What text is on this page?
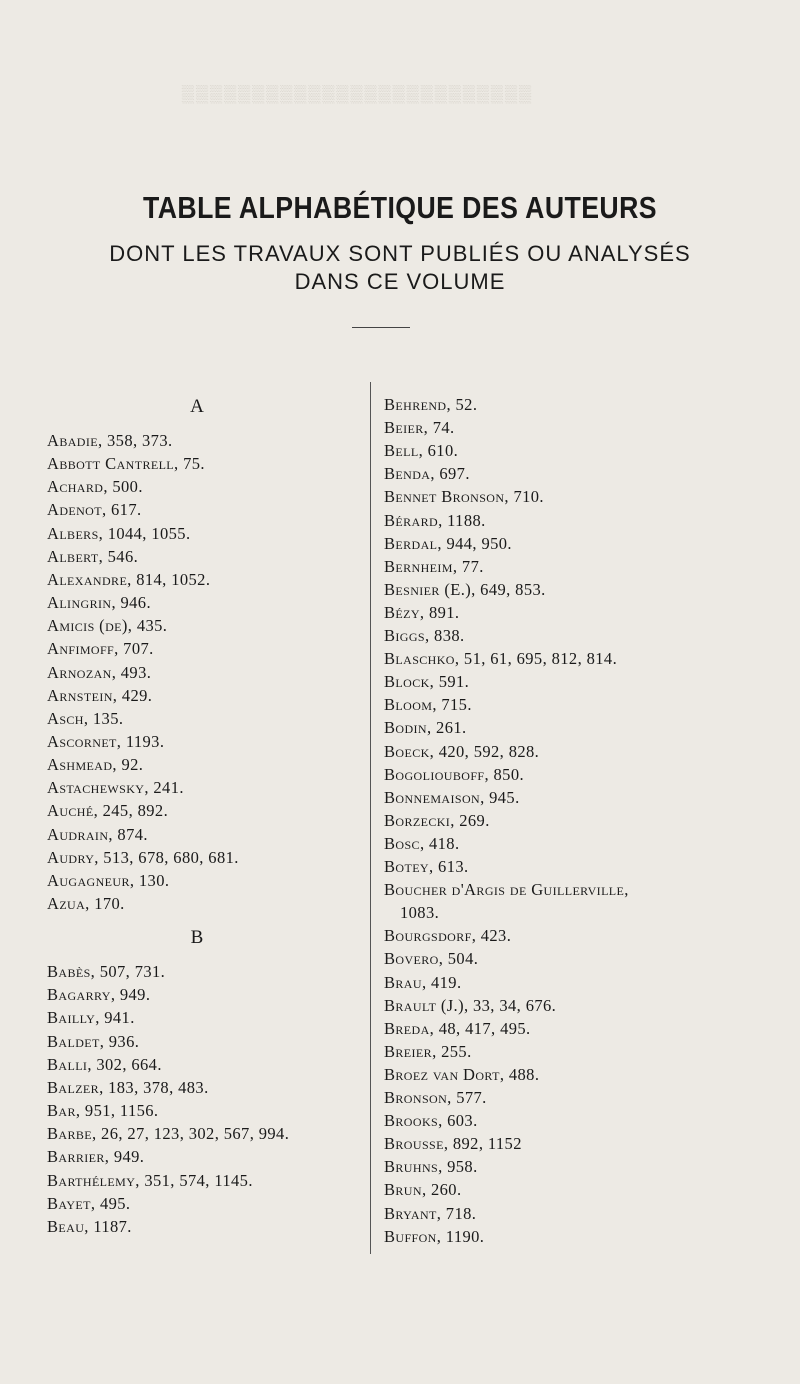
▒▒▒▒▒▒▒▒▒▒▒▒▒▒▒▒▒▒▒▒▒▒▒▒▒
TABLE ALPHABÉTIQUE DES AUTEURS
DONT LES TRAVAUX SONT PUBLIÉS OU ANALYSÉS
DANS CE VOLUME
A
Abadie, 358, 373.
Abbott Cantrell, 75.
Achard, 500.
Adenot, 617.
Albers, 1044, 1055.
Albert, 546.
Alexandre, 814, 1052.
Alingrin, 946.
Amicis (de), 435.
Anfimoff, 707.
Arnozan, 493.
Arnstein, 429.
Asch, 135.
Ascornet, 1193.
Ashmead, 92.
Astachewsky, 241.
Auché, 245, 892.
Audrain, 874.
Audry, 513, 678, 680, 681.
Augagneur, 130.
Azua, 170.
B
Babès, 507, 731.
Bagarry, 949.
Bailly, 941.
Baldet, 936.
Balli, 302, 664.
Balzer, 183, 378, 483.
Bar, 951, 1156.
Barbe, 26, 27, 123, 302, 567, 994.
Barrier, 949.
Barthélemy, 351, 574, 1145.
Bayet, 495.
Beau, 1187.
Behrend, 52.
Beier, 74.
Bell, 610.
Benda, 697.
Bennet Bronson, 710.
Bérard, 1188.
Berdal, 944, 950.
Bernheim, 77.
Besnier (E.), 649, 853.
Bézy, 891.
Biggs, 838.
Blaschko, 51, 61, 695, 812, 814.
Block, 591.
Bloom, 715.
Bodin, 261.
Boeck, 420, 592, 828.
Bogoliouboff, 850.
Bonnemaison, 945.
Borzecki, 269.
Bosc, 418.
Botey, 613.
Boucher d'Argis de Guillerville,
1083.
Bourgsdorf, 423.
Bovero, 504.
Brau, 419.
Brault (J.), 33, 34, 676.
Breda, 48, 417, 495.
Breier, 255.
Broez van Dort, 488.
Bronson, 577.
Brooks, 603.
Brousse, 892, 1152
Bruhns, 958.
Brun, 260.
Bryant, 718.
Buffon, 1190.
